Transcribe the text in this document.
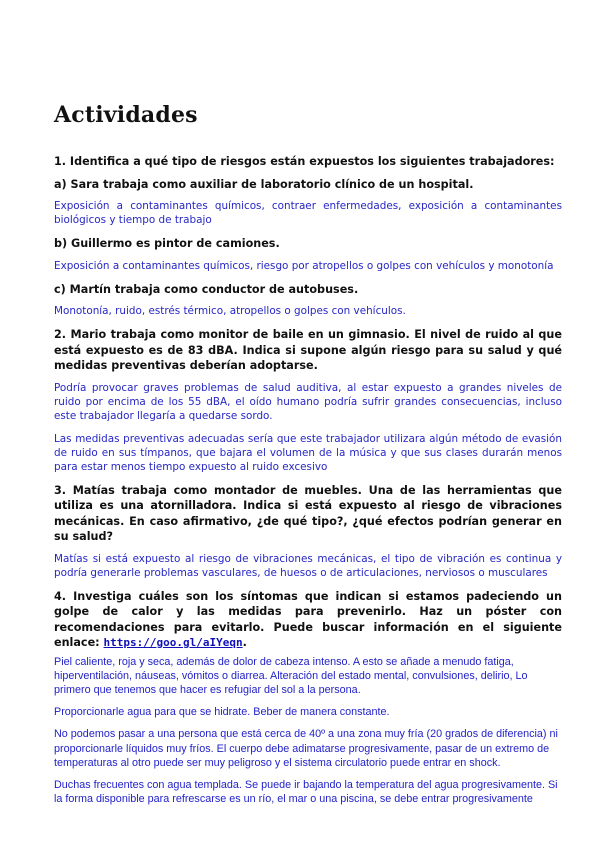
Actividades

1. Identifica a qué tipo de riesgos están expuestos los siguientes trabajadores:

a) Sara trabaja como auxiliar de laboratorio clínico de un hospital.

Exposición a contaminantes químicos, contraer enfermedades, exposición a contaminantes biológicos y tiempo de trabajo

b) Guillermo es pintor de camiones.

Exposición a contaminantes químicos, riesgo por atropellos o golpes con vehículos y monotonía

c) Martín trabaja como conductor de autobuses.

Monotonía, ruido, estrés térmico, atropellos o golpes con vehículos.

2. Mario trabaja como monitor de baile en un gimnasio. El nivel de ruido al que está expuesto es de 83 dBA. Indica si supone algún riesgo para su salud y qué medidas preventivas deberían adoptarse.

Podría provocar graves problemas de salud auditiva, al estar expuesto a grandes niveles de ruido por encima de los 55 dBA, el oído humano podría sufrir grandes consecuencias, incluso este trabajador llegaría a quedarse sordo.

Las medidas preventivas adecuadas sería que este trabajador utilizara algún método de evasión de ruido en sus tímpanos, que bajara el volumen de la música y que sus clases durarán menos para estar menos tiempo expuesto al ruido excesivo

3. Matías trabaja como montador de muebles. Una de las herramientas que utiliza es una atornilladora. Indica si está expuesto al riesgo de vibraciones mecánicas. En caso afirmativo, ¿de qué tipo?, ¿qué efectos podrían generar en su salud?

Matías si está expuesto al riesgo de vibraciones mecánicas, el tipo de vibración es continua y podría generarle problemas vasculares, de huesos o de articulaciones, nerviosos o musculares

4. Investiga cuáles son los síntomas que indican si estamos padeciendo un golpe de calor y las medidas para prevenirlo. Haz un póster con recomendaciones para evitarlo. Puede buscar información en el siguiente enlace: https://goo.gl/aIYeqn.

Piel caliente, roja y seca, además de dolor de cabeza intenso. A esto se añade a menudo fatiga, hiperventilación, náuseas, vómitos o diarrea. Alteración del estado mental, convulsiones, delirio, Lo primero que tenemos que hacer es refugiar del sol a la persona.

Proporcionarle agua para que se hidrate. Beber de manera constante.

No podemos pasar a una persona que está cerca de 40º a una zona muy fría (20 grados de diferencia) ni proporcionarle líquidos muy fríos. El cuerpo debe adimatarse progresivamente, pasar de un extremo de temperaturas al otro puede ser muy peligroso y el sistema circulatorio puede entrar en shock.

Duchas frecuentes con agua templada. Se puede ir bajando la temperatura del agua progresivamente. Si la forma disponible para refrescarse es un río, el mar o una piscina, se debe entrar progresivamente
